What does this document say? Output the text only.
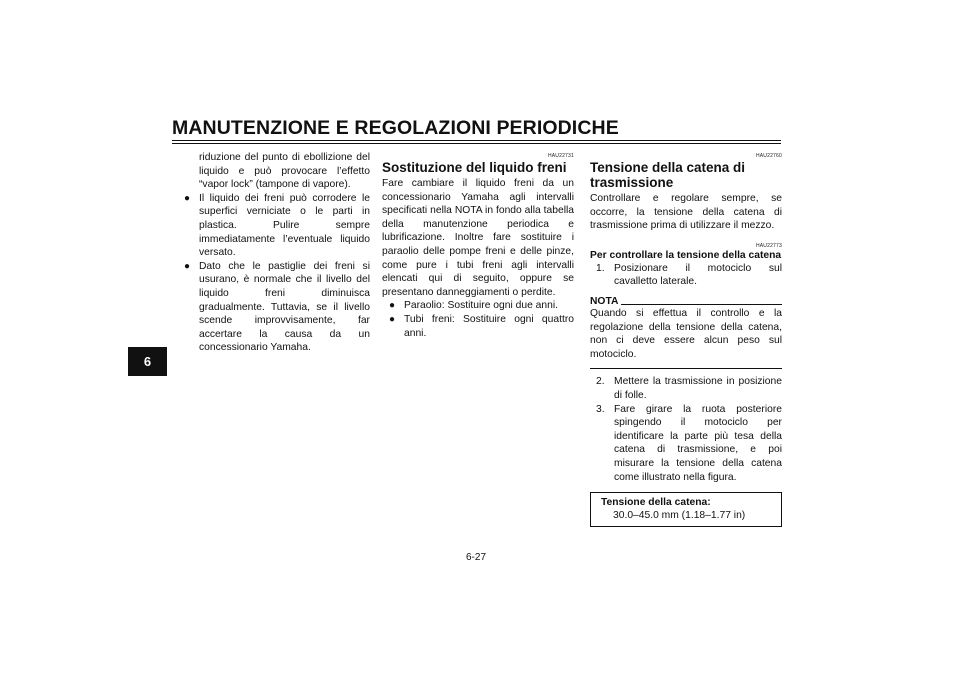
MANUTENZIONE E REGOLAZIONI PERIODICHE
6
riduzione del punto di ebollizione del liquido e può provocare l’effetto “vapor lock” (tampone di vapore).
● Il liquido dei freni può corrodere le superfici verniciate o le parti in plastica. Pulire sempre immediatamente l’eventuale liquido versato.
● Dato che le pastiglie dei freni si usurano, è normale che il livello del liquido freni diminuisca gradualmente. Tuttavia, se il livello scende improvvisamente, far accertare la causa da un concessionario Yamaha.
HAU22731
Sostituzione del liquido freni
Fare cambiare il liquido freni da un concessionario Yamaha agli intervalli specificati nella NOTA in fondo alla tabella della manutenzione periodica e lubrificazione. Inoltre fare sostituire i paraolio delle pompe freni e delle pinze, come pure i tubi freni agli intervalli elencati qui di seguito, oppure se presentano danneggiamenti o perdite.
● Paraolio: Sostituire ogni due anni.
● Tubi freni: Sostituire ogni quattro anni.
HAU22760
Tensione della catena di trasmissione
Controllare e regolare sempre, se occorre, la tensione della catena di trasmissione prima di utilizzare il mezzo.
HAU22773
Per controllare la tensione della catena
1. Posizionare il motociclo sul cavalletto laterale.
NOTA
Quando si effettua il controllo e la regolazione della tensione della catena, non ci deve essere alcun peso sul motociclo.
2. Mettere la trasmissione in posizione di folle.
3. Fare girare la ruota posteriore spingendo il motociclo per identificare la parte più tesa della catena di trasmissione, e poi misurare la tensione della catena come illustrato nella figura.
Tensione della catena:
30.0–45.0 mm (1.18–1.77 in)
6-27
